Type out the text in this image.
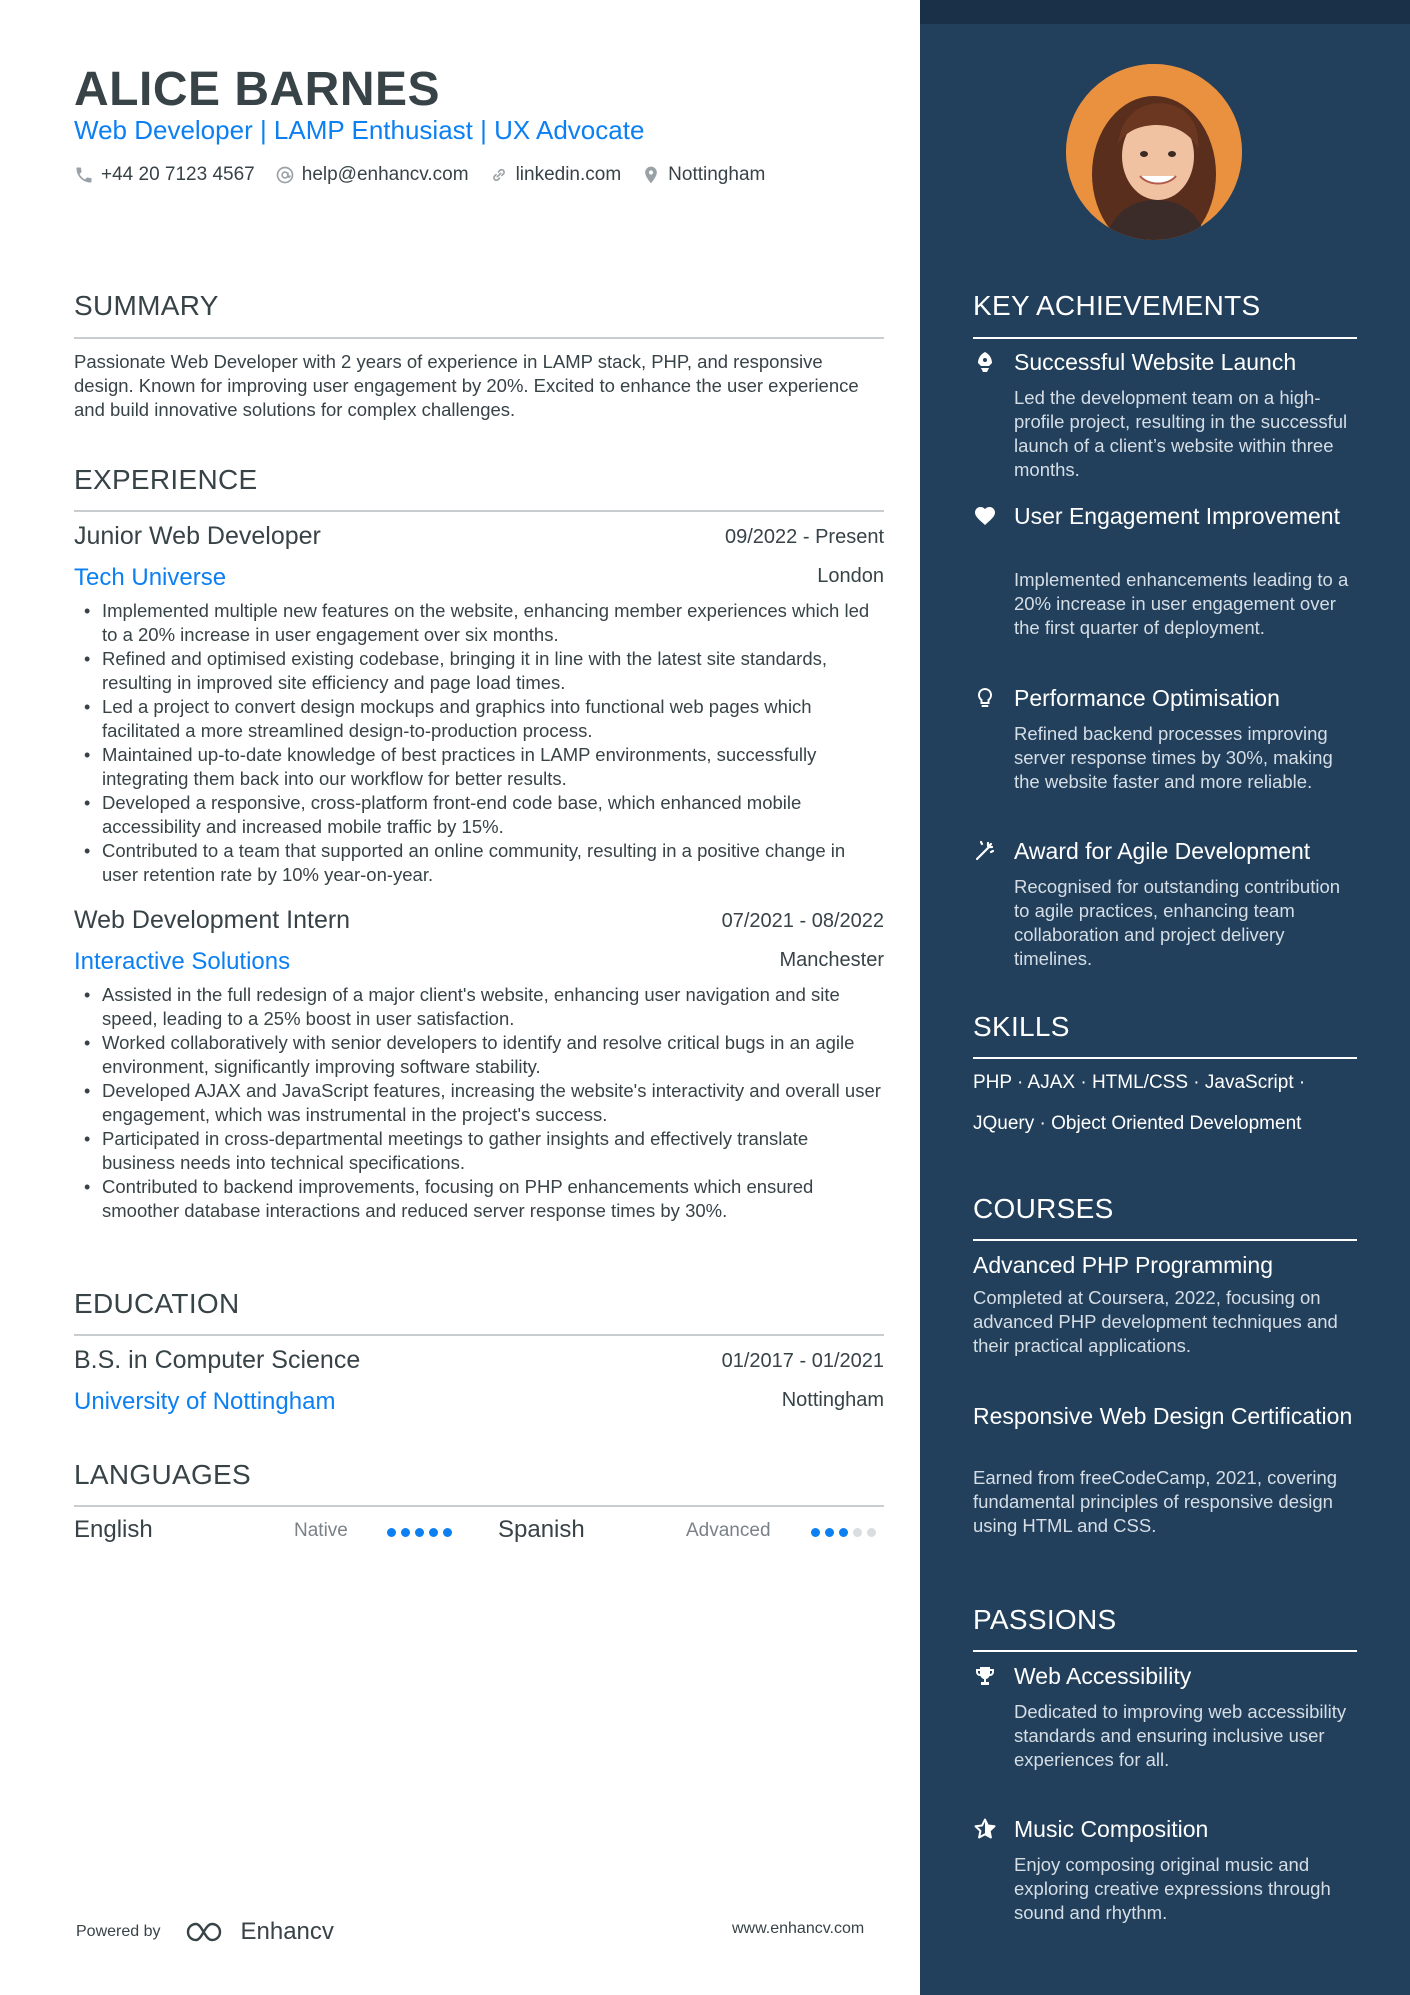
ALICE BARNES
Web Developer | LAMP Enthusiast | UX Advocate
+44 20 7123 4567 help@enhancv.com linkedin.com Nottingham
SUMMARY
Passionate Web Developer with 2 years of experience in LAMP stack, PHP, and responsive design. Known for improving user engagement by 20%. Excited to enhance the user experience and build innovative solutions for complex challenges.
EXPERIENCE
Junior Web Developer	09/2022 - Present
Tech Universe	London
• Implemented multiple new features on the website, enhancing member experiences which led to a 20% increase in user engagement over six months.
• Refined and optimised existing codebase, bringing it in line with the latest site standards, resulting in improved site efficiency and page load times.
• Led a project to convert design mockups and graphics into functional web pages which facilitated a more streamlined design-to-production process.
• Maintained up-to-date knowledge of best practices in LAMP environments, successfully integrating them back into our workflow for better results.
• Developed a responsive, cross-platform front-end code base, which enhanced mobile accessibility and increased mobile traffic by 15%.
• Contributed to a team that supported an online community, resulting in a positive change in user retention rate by 10% year-on-year.
Web Development Intern	07/2021 - 08/2022
Interactive Solutions	Manchester
• Assisted in the full redesign of a major client's website, enhancing user navigation and site speed, leading to a 25% boost in user satisfaction.
• Worked collaboratively with senior developers to identify and resolve critical bugs in an agile environment, significantly improving software stability.
• Developed AJAX and JavaScript features, increasing the website's interactivity and overall user engagement, which was instrumental in the project's success.
• Participated in cross-departmental meetings to gather insights and effectively translate business needs into technical specifications.
• Contributed to backend improvements, focusing on PHP enhancements which ensured smoother database interactions and reduced server response times by 30%.
EDUCATION
B.S. in Computer Science	01/2017 - 01/2021
University of Nottingham	Nottingham
LANGUAGES
English	Native	Spanish	Advanced
Powered by	Enhancv	www.enhancv.com
KEY ACHIEVEMENTS
Successful Website Launch
Led the development team on a high-profile project, resulting in the successful launch of a client’s website within three months.
User Engagement Improvement
Implemented enhancements leading to a 20% increase in user engagement over the first quarter of deployment.
Performance Optimisation
Refined backend processes improving server response times by 30%, making the website faster and more reliable.
Award for Agile Development
Recognised for outstanding contribution to agile practices, enhancing team collaboration and project delivery timelines.
SKILLS
PHP · AJAX · HTML/CSS · JavaScript ·
JQuery · Object Oriented Development
COURSES
Advanced PHP Programming
Completed at Coursera, 2022, focusing on advanced PHP development techniques and their practical applications.
Responsive Web Design Certification
Earned from freeCodeCamp, 2021, covering fundamental principles of responsive design using HTML and CSS.
PASSIONS
Web Accessibility
Dedicated to improving web accessibility standards and ensuring inclusive user experiences for all.
Music Composition
Enjoy composing original music and exploring creative expressions through sound and rhythm.
